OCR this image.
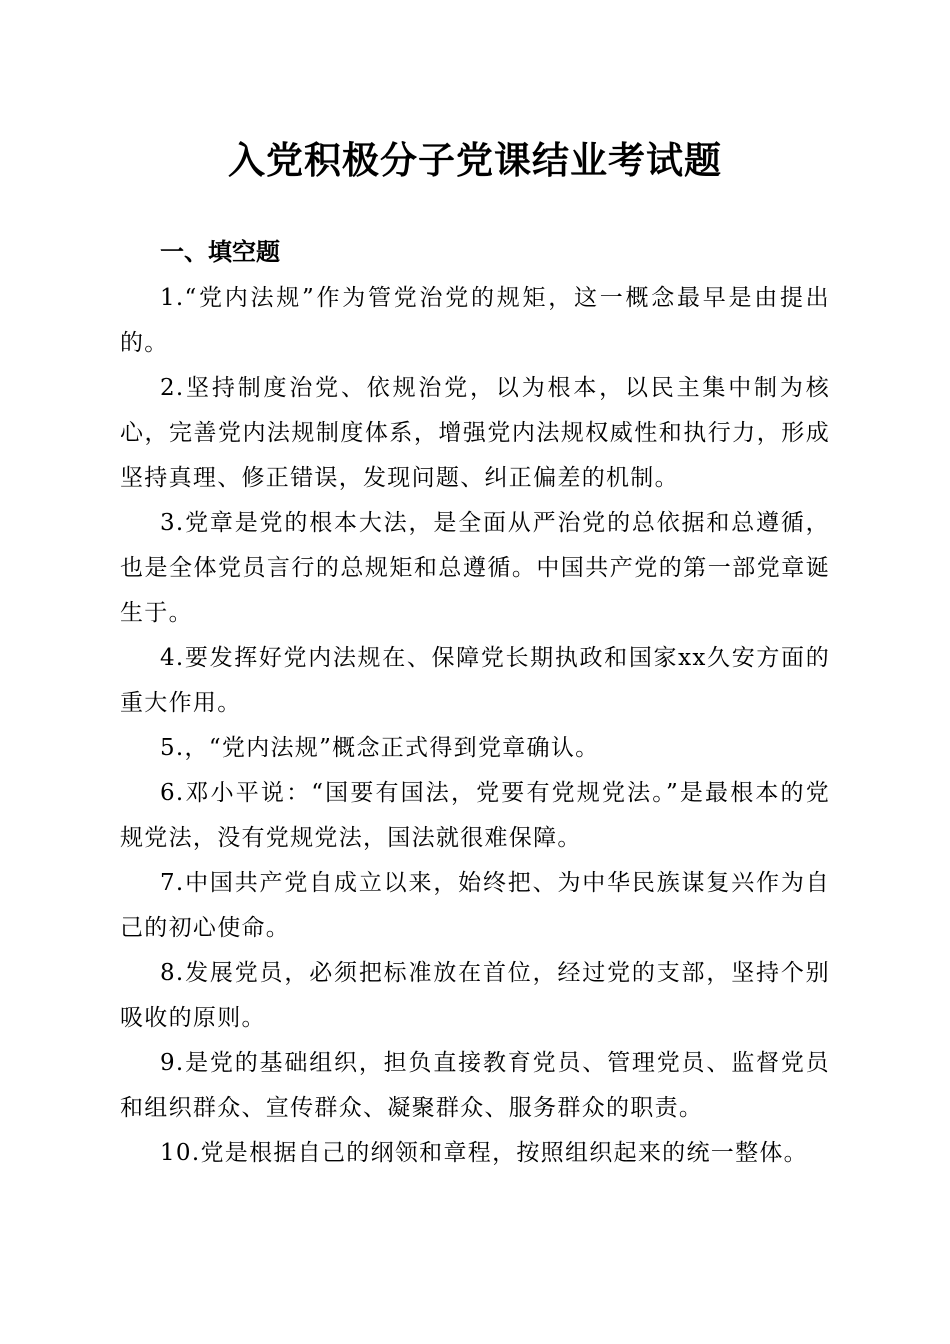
入党积极分子党课结业考试题
一、填空题

1.“党内法规”作为管党治党的规矩，这一概念最早是由提出的。

2.坚持制度治党、依规治党，以为根本，以民主集中制为核心，完善党内法规制度体系，增强党内法规权威性和执行力，形成坚持真理、修正错误，发现问题、纠正偏差的机制。

3.党章是党的根本大法，是全面从严治党的总依据和总遵循，也是全体党员言行的总规矩和总遵循。中国共产党的第一部党章诞生于。

4.要发挥好党内法规在、保障党长期执政和国家xx久安方面的重大作用。

5.，“党内法规”概念正式得到党章确认。

6.邓小平说：“国要有国法，党要有党规党法。”是最根本的党规党法，没有党规党法，国法就很难保障。

7.中国共产党自成立以来，始终把、为中华民族谋复兴作为自己的初心使命。

8.发展党员，必须把标准放在首位，经过党的支部，坚持个别吸收的原则。

9.是党的基础组织，担负直接教育党员、管理党员、监督党员和组织群众、宣传群众、凝聚群众、服务群众的职责。

10.党是根据自己的纲领和章程，按照组织起来的统一整体。
